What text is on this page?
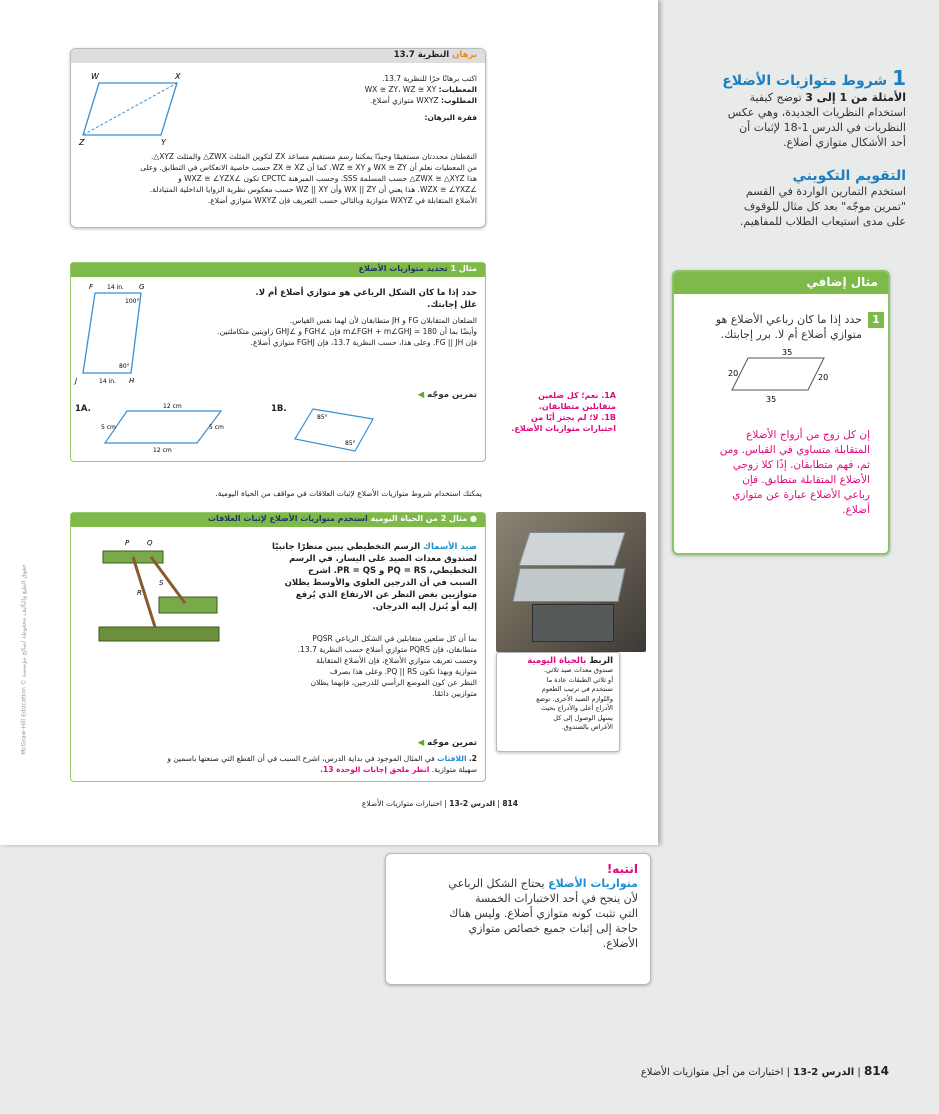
برهان النظرية 13.7
W	X
Z	Y
اكتب برهانًا حرًا للنظرية 13.7.
المعطيات: WX ≅ ZY، WZ ≅ XY
المطلوب: WXYZ متوازي أضلاع.
فقرة البرهان:
النقطتان محددتان مستقيمًا وحيدًا يمكننا رسم مستقيم مساعد ZX لتكوين المثلث ZWX△ والمثلث XYZ△.
من المعطيات نعلم أن WX ≅ ZY و WZ ≅ XY. كما أن ZX ≅ XZ حسب خاصية الانعكاس في التطابق. وعلى
هذا ZWX ≅ △XYZ△ حسب المسلمة SSS. وحسب المبرهنة CPCTC تكون ∠WXZ ≅ ∠YZX و
∠WZX ≅ ∠YXZ. هذا يعني أن WX || ZY وأن WZ || XY حسب معكوس نظرية الزوايا الداخلية المتبادلة.
الأضلاع المتقابلة في WXYZ متوازية وبالتالي حسب التعريف فإن WXYZ متوازي أضلاع.
مثال 1 تحديد متوازيات الأضلاع
F	G
J	H
14 in.
14 in.
100°
80°
حدد إذا ما كان الشكل الرباعي هو متوازي أضلاع أم لا.
علل إجابتك.
الضلعان المتقابلان FG و JH متطابقان لأن لهما نفس القياس.
وأيضًا بما أن m∠FGH + m∠GHJ = 180 فإن ∠FGH و ∠GHJ زاويتين متكاملتين.
فإن FG || JH. وعلى هذا، حسب النظرية 13.7، فإن FGHJ متوازي أضلاع.
تمرين موجّه ◀
1A.	12 cm
12 cm
5 cm	5 cm
1B.
85°
85°
1A. نعم؛ كل ضلعين متقابلين متطابقان.
1B. لا؛ لم يجتز أيًا من اختبارات متوازيات الأضلاع.
يمكنك استخدام شروط متوازيات الأضلاع لإثبات العلاقات في مواقف من الحياة اليومية.
● مثال 2 من الحياة اليومية استخدم متوازيات الأضلاع لإثبات العلاقات
P	Q
S
R
صيد الأسماك الرسم التخطيطي يبين منظرًا جانبيًا
لصندوق معدات الصيد على اليسار. في الرسم
التخطيطي، PQ = RS و PR = QS. اشرح
السبب في أن الدرجين العلوي والأوسط يظلان
متوازيين بغض النظر عن الارتفاع الذي يُرفع
إليه أو يُنزل إليه الدرجان.
بما أن كل ضلعين متقابلين في الشكل الرباعي PQSR
متطابقان، فإن PQRS متوازي أضلاع حسب النظرية 13.7.
وحسب تعريف متوازي الأضلاع، فإن الأضلاع المتقابلة
متوازية وبهذا تكون PQ || RS. وعلى هذا بصرف
النظر عن كون الموضع الرأسي للدرجين، فإنهما يظلان
متوازيين دائمًا.
تمرين موجّه ◀
2. اللافتات في المثال الموجود في بداية الدرس، اشرح السبب في أن القطع التي صنعتها باسمين و
سهيلة متوازية. انظر ملحق إجابات الوحدة 13.
الربط بالحياة اليومية
صندوق معدات صيد ثلاثي.
أو ثلاثي الطبقات عادة ما
تستخدم في ترتيب الطعوم
واللوازم الصيد الأخرى. توضع
الأدراج أعلى والأدراج بحيث
يسهل الوصول إلى كل
الأغراض بالصندوق.
McGraw-Hill Education © حقوق الطبع والتأليف محفوظة لصالح مؤسسة
814 | الدرس 2-13 | اختبارات متوازيات الأضلاع
1 شروط متوازيات الأضلاع
الأمثلة من 1 إلى 3 توضح كيفية
استخدام النظريات الجديدة، وهي عكس
النظريات في الدرس 1-18 لإثبات أن
أحد الأشكال متوازي أضلاع.
التقويم التكويني
استخدم التمارين الواردة في القسم
"تمرين موجّه" بعد كل مثال للوقوف
على مدى استيعاب الطلاب للمفاهيم.
مثال إضافي
1
حدد إذا ما كان رباعي الأضلاع هو
متوازي أضلاع أم لا. برر إجابتك.
35
35
20	20
إن كل زوج من أزواج الأضلاع
المتقابلة متساوي في القياس. ومن
ثم، فهم متطابقان. إذًا كلا زوجي
الأضلاع المتقابلة متطابق. فإن
رباعي الأضلاع عبارة عن متوازي
أضلاع.
انتبه!
متوازيات الأضلاع يحتاج الشكل الرباعي
لأن ينجح في أحد الاختبارات الخمسة
التي تثبت كونه متوازي أضلاع. وليس هناك
حاجة إلى إثبات جميع خصائص متوازي
الأضلاع.
814 | الدرس 2-13 | اختبارات من أجل متوازيات الأضلاع
